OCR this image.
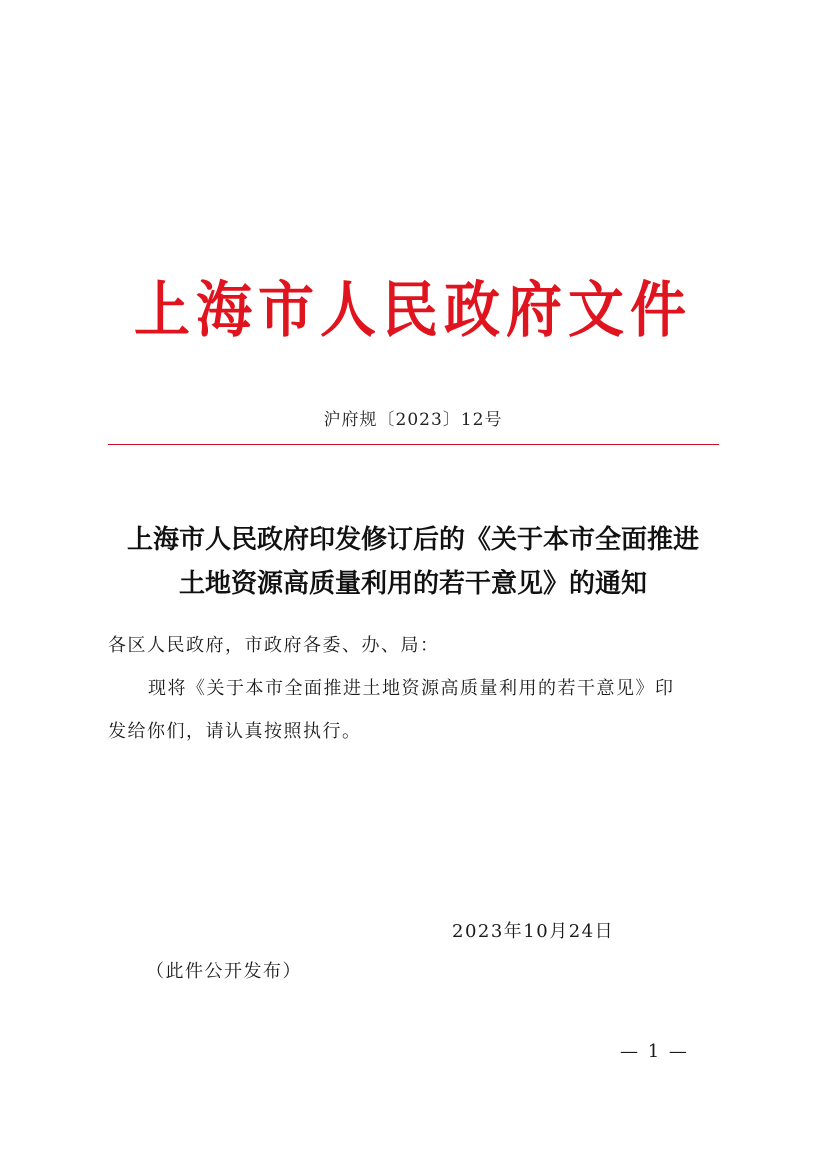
上海市人民政府文件
沪府规〔2023〕12号
上海市人民政府印发修订后的《关于本市全面推进
土地资源高质量利用的若干意见》的通知
各区人民政府，市政府各委、办、局：
现将《关于本市全面推进土地资源高质量利用的若干意见》印
发给你们，请认真按照执行。
2023年10月24日
（此件公开发布）
— 1 —
